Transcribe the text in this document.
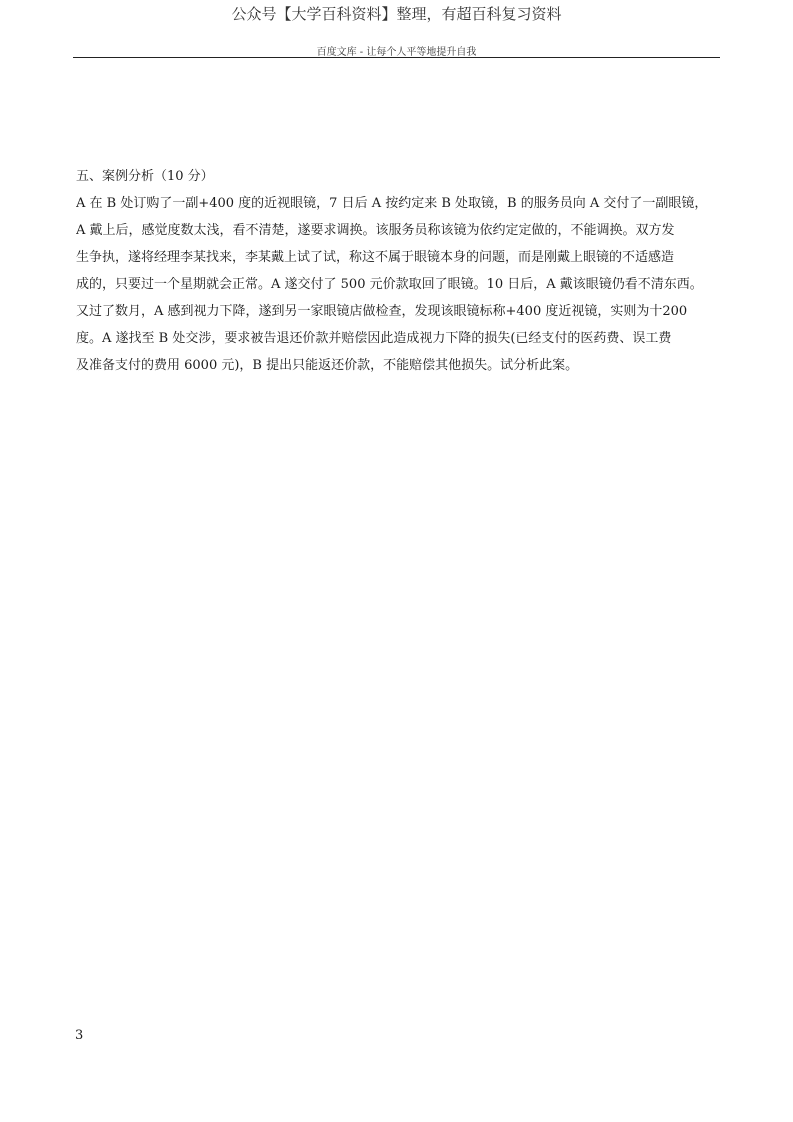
公众号【大学百科资料】整理，有超百科复习资料
百度文库 - 让每个人平等地提升自我
五、案例分析（10 分）
A 在 B 处订购了一副+400 度的近视眼镜，7 日后 A 按约定来 B 处取镜，B 的服务员向 A 交付了一副眼镜，
A 戴上后，感觉度数太浅，看不清楚，遂要求调换。该服务员称该镜为依约定定做的，不能调换。双方发
生争执，遂将经理李某找来，李某戴上试了试，称这不属于眼镜本身的问题，而是刚戴上眼镜的不适感造
成的，只要过一个星期就会正常。A 遂交付了 500 元价款取回了眼镜。10 日后，A 戴该眼镜仍看不清东西。
又过了数月，A 感到视力下降，遂到另一家眼镜店做检查，发现该眼镜标称+400 度近视镜，实则为十200
度。A 遂找至 B 处交涉，要求被告退还价款并赔偿因此造成视力下降的损失(已经支付的医药费、误工费
及准备支付的费用 6000 元)，B 提出只能返还价款，不能赔偿其他损失。试分析此案。
3
